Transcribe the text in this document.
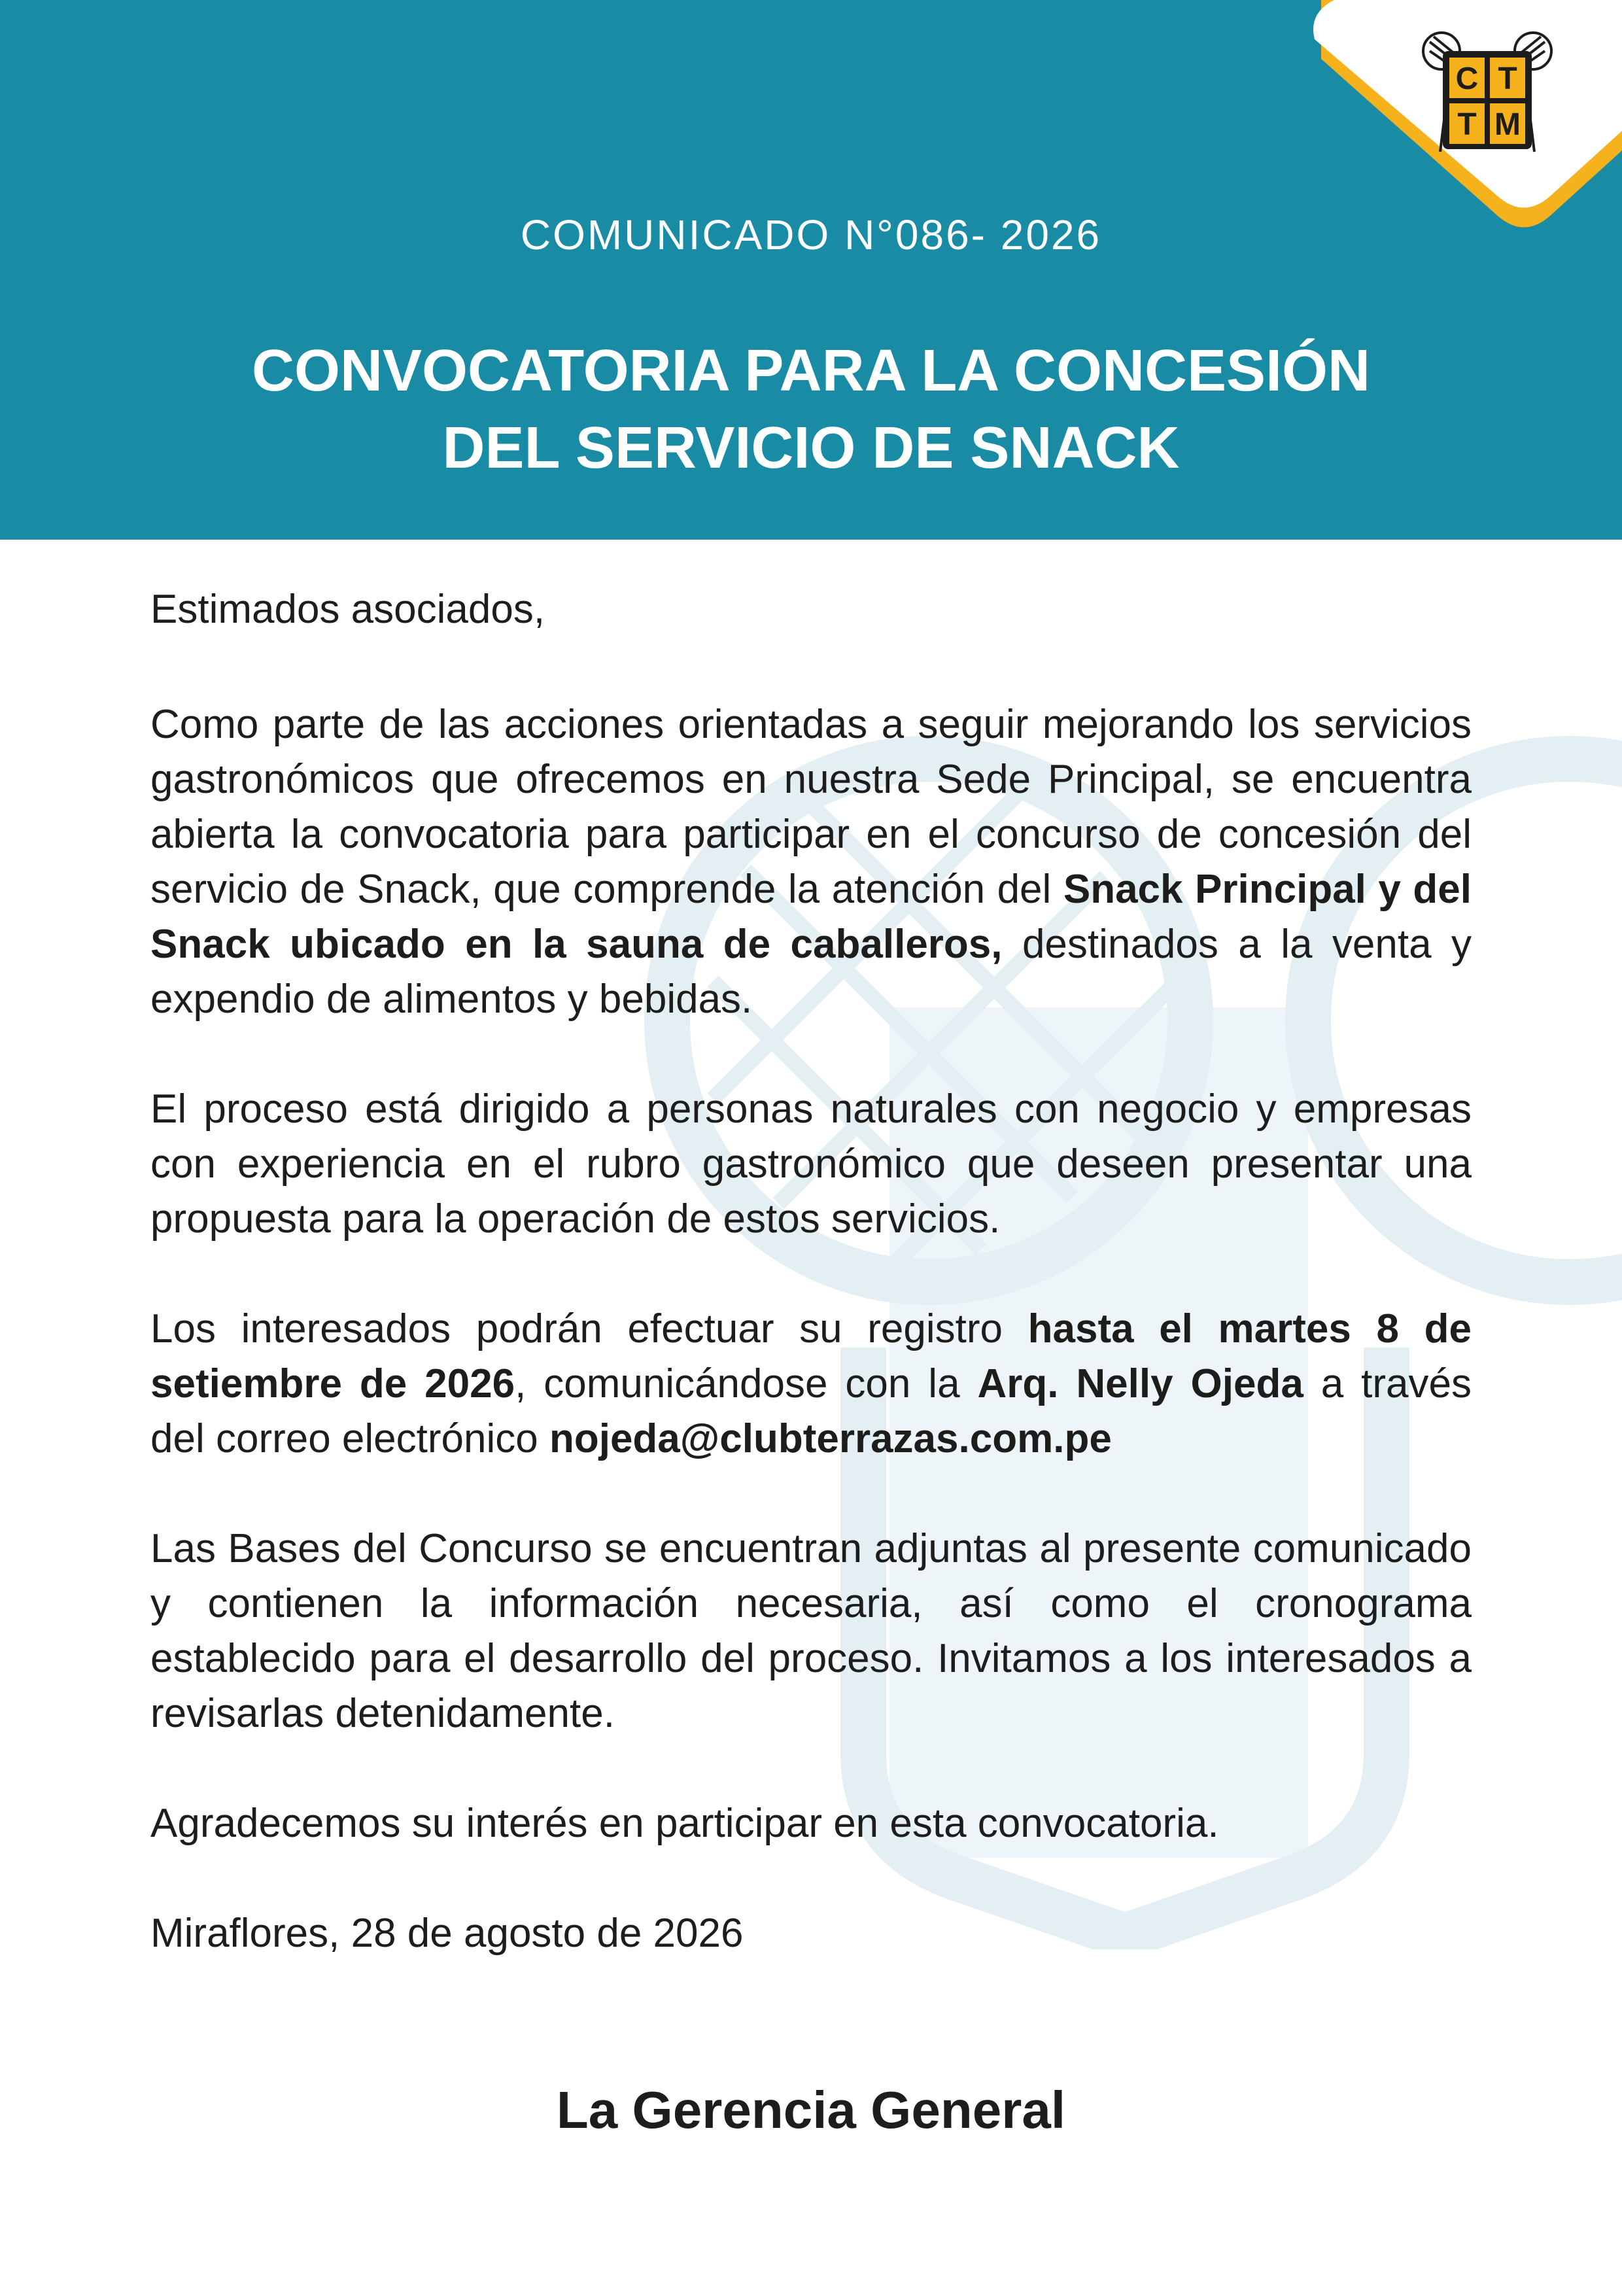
C T
T M
COMUNICADO N°086- 2026
CONVOCATORIA PARA LA CONCESIÓN
DEL SERVICIO DE SNACK

Estimados asociados,

Como parte de las acciones orientadas a seguir mejorando los servicios gastronómicos que ofrecemos en nuestra Sede Principal, se encuentra abierta la convocatoria para participar en el concurso de concesión del servicio de Snack, que comprende la atención del Snack Principal y del Snack ubicado en la sauna de caballeros, destinados a la venta y expendio de alimentos y bebidas.

El proceso está dirigido a personas naturales con negocio y empresas con experiencia en el rubro gastronómico que deseen presentar una propuesta para la operación de estos servicios.

Los interesados podrán efectuar su registro hasta el martes 8 de setiembre de 2026, comunicándose con la Arq. Nelly Ojeda a través del correo electrónico nojeda@clubterrazas.com.pe

Las Bases del Concurso se encuentran adjuntas al presente comunicado y contienen la información necesaria, así como el cronograma establecido para el desarrollo del proceso. Invitamos a los interesados a revisarlas detenidamente.

Agradecemos su interés en participar en esta convocatoria.

Miraflores, 28 de agosto de 2026

La Gerencia General
